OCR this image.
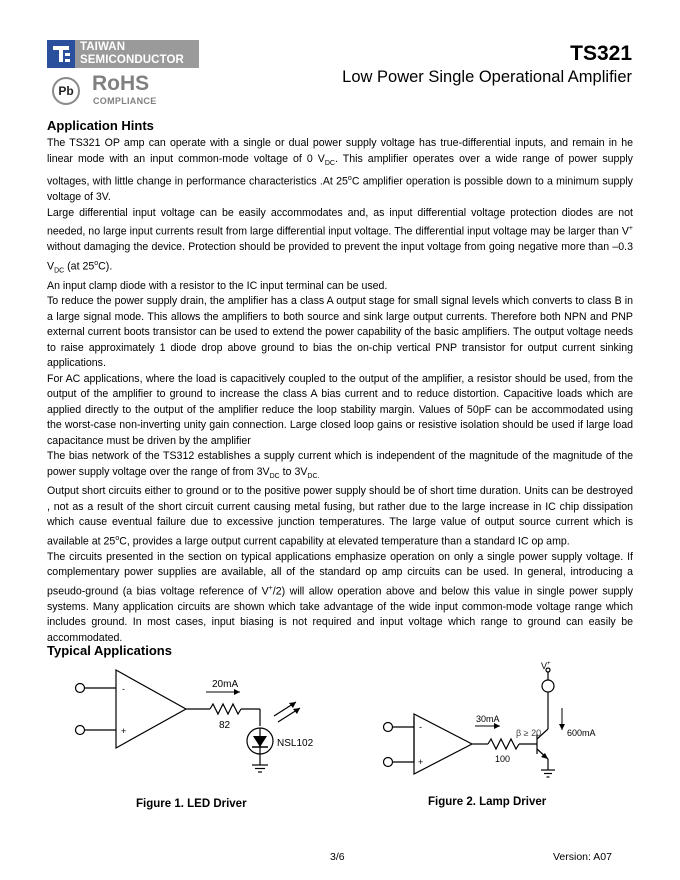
TAIWAN
SEMICONDUCTOR
Pb RoHS
COMPLIANCE
TS321
Low Power Single Operational Amplifier
Application Hints

The TS321 OP amp can operate with a single or dual power supply voltage has true-differential inputs, and remain in he linear mode with an input common-mode voltage of 0 $V_{DC}$. This amplifier operates over a wide range of power supply voltages, with little change in performance characteristics .At 25$^o$C amplifier operation is possible down to a minimum supply voltage of 3V.

Large differential input voltage can be easily accommodates and, as input differential voltage protection diodes are not needed, no large input currents result from large differential input voltage. The differential input voltage may be larger than V+ without damaging the device. Protection should be provided to prevent the input voltage from going negative more than –0.3 $V_{DC}$ (at 25$^o$C).

An input clamp diode with a resistor to the IC input terminal can be used.

To reduce the power supply drain, the amplifier has a class A output stage for small signal levels which converts to class B in a large signal mode. This allows the amplifiers to both source and sink large output currents. Therefore both NPN and PNP external current boots transistor can be used to extend the power capability of the basic amplifiers. The output voltage needs to raise approximately 1 diode drop above ground to bias the on-chip vertical PNP transistor for output current sinking applications.

For AC applications, where the load is capacitively coupled to the output of the amplifier, a resistor should be used, from the output of the amplifier to ground to increase the class A bias current and to reduce distortion. Capacitive loads which are applied directly to the output of the amplifier reduce the loop stability margin. Values of 50pF can be accommodated using the worst-case non-inverting unity gain connection. Large closed loop gains or resistive isolation should be used if large load capacitance must be driven by the amplifier

The bias network of the TS312 establishes a supply current which is independent of the magnitude of the magnitude of the power supply voltage over the range of from $3V_{DC}$ to $3V_{DC.}$

Output short circuits either to ground or to the positive power supply should be of short time duration. Units can be destroyed , not as a result of the short circuit current causing metal fusing, but rather due to the large increase in IC chip dissipation which cause eventual failure due to excessive junction temperatures. The large value of output source current which is available at 25$^o$C, provides a large output current capability at elevated temperature than a standard IC op amp.

The circuits presented in the section on typical applications emphasize operation on only a single power supply voltage. If complementary power supplies are available, all of the standard op amp circuits can be used. In general, introducing a pseudo-ground (a bias voltage reference of V+/2) will allow operation above and below this value in single power supply systems. Many application circuits are shown which take advantage of the wide input common-mode voltage range which includes ground. In most cases, input biasing is not required and input voltage which range to ground can easily be accommodated.

Typical Applications
-
+
20mA
82
NSL102
Figure 1. LED Driver
-
+
V+
30mA
β ≥ 20	600mA
100
Figure 2. Lamp Driver
3/6	Version: A07
